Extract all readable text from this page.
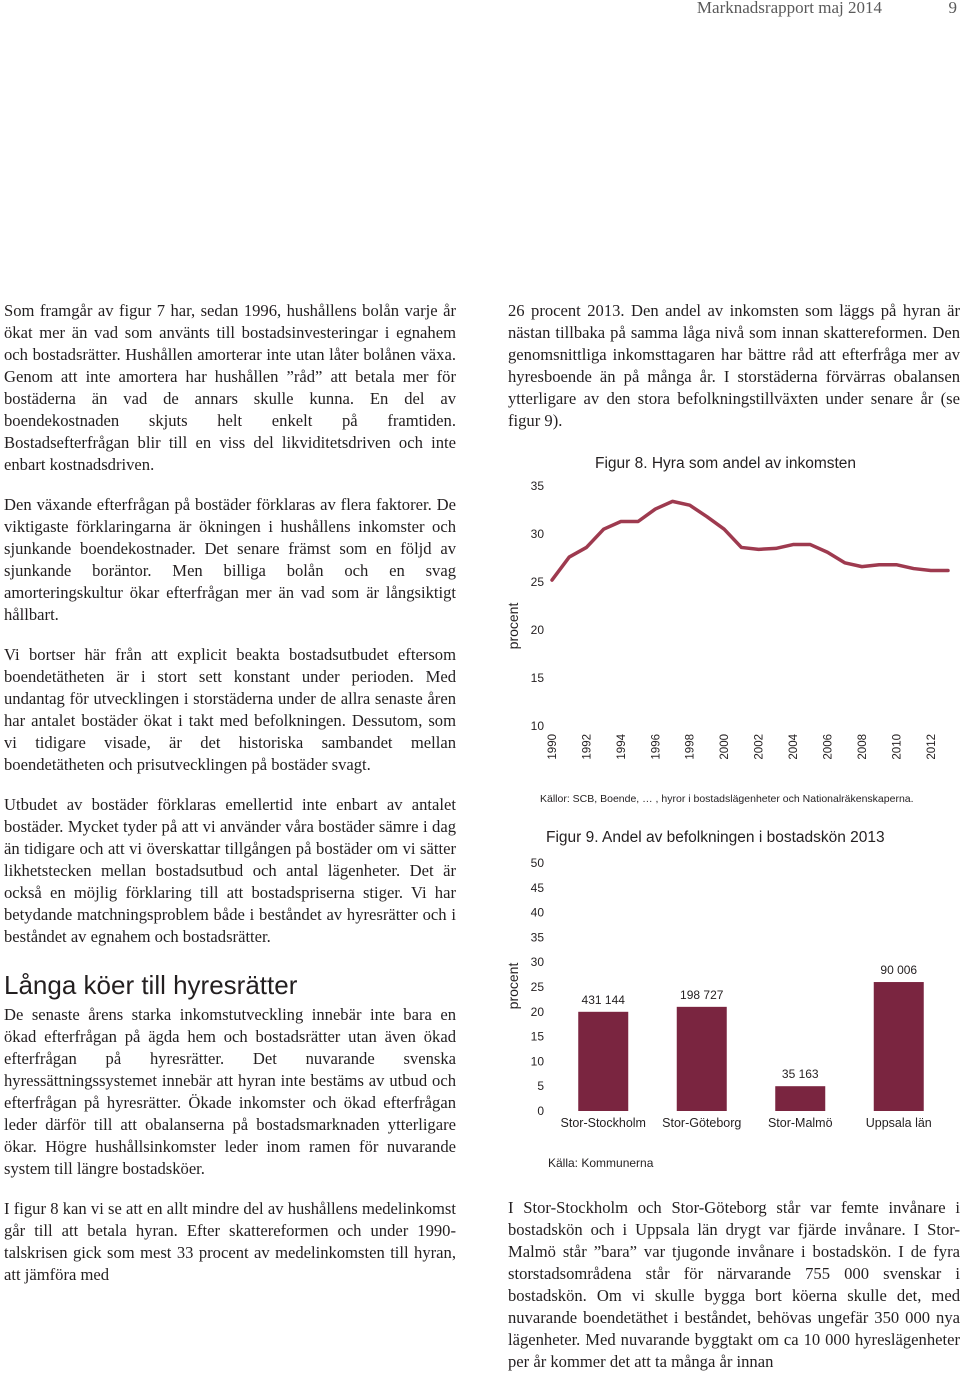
Marknadsrapport maj 2014	9

Som framgår av figur 7 har, sedan 1996, hushållens bolån varje år ökat mer än vad som använts till bostadsinvesteringar i egnahem och bostadsrätter. Hushållen amorterar inte utan låter bolånen växa. Genom att inte amortera har hushållen ”råd” att betala mer för bostäderna än vad de annars skulle kunna. En del av boendekostnaden skjuts helt enkelt på framtiden. Bostadsefterfrågan blir till en viss del likviditetsdriven och inte enbart kostnadsdriven.

Den växande efterfrågan på bostäder förklaras av flera faktorer. De viktigaste förklaringarna är ökningen i hushållens inkomster och sjunkande boendekostnader. Det senare främst som en följd av sjunkande boräntor. Men billiga bolån och en svag amorteringskultur ökar efterfrågan mer än vad som är långsiktigt hållbart.

Vi bortser här från att explicit beakta bostadsutbudet eftersom boendetätheten är i stort sett konstant under perioden. Med undantag för utvecklingen i storstäderna under de allra senaste åren har antalet bostäder ökat i takt med befolkningen. Dessutom, som vi tidigare visade, är det historiska sambandet mellan boendetätheten och prisutvecklingen på bostäder svagt.

Utbudet av bostäder förklaras emellertid inte enbart av antalet bostäder. Mycket tyder på att vi använder våra bostäder sämre i dag än tidigare och att vi överskattar tillgången på bostäder om vi sätter likhetstecken mellan bostadsutbud och antal lägenheter. Det är också en möjlig förklaring till att bostadspriserna stiger. Vi har betydande matchningsproblem både i beståndet av hyresrätter och i beståndet av egnahem och bostadsrätter.

Långa köer till hyresrätter

De senaste årens starka inkomstutveckling innebär inte bara en ökad efterfrågan på ägda hem och bostadsrätter utan även ökad efterfrågan på hyresrätter. Det nuvarande svenska hyressättningssystemet innebär att hyran inte bestäms av utbud och efterfrågan på hyresrätter. Ökade inkomster och ökad efterfrågan leder därför till att obalanserna på bostadsmarknaden ytterligare ökar. Högre hushållsinkomster leder inom ramen för nuvarande system till längre bostadsköer.

I figur 8 kan vi se att en allt mindre del av hushållens medelinkomst går till att betala hyran. Efter skattereformen och under 1990-talskrisen gick som mest 33 procent av medelinkomsten till hyran, att jämföra med

26 procent 2013. Den andel av inkomsten som läggs på hyran är nästan tillbaka på samma låga nivå som innan skattereformen. Den genomsnittliga inkomsttagaren har bättre råd att efterfråga mer av hyresboende än på många år. I storstäderna förvärras obalansen ytterligare av den stora befolkningstillväxten under senare år (se figur 9).

Figur 8. Hyra som andel av inkomsten
procent
10
15
20
25
30
35
1990 1992 1994 1996 1998 2000 2002 2004 2006 2008 2010 2012
Källor: SCB, Boende, … , hyror i bostadslägenheter och Nationalräkenskaperna.
Figur 9. Andel av befolkningen i bostadskön 2013
procent
0
5
10
15
20
25
30
35
40
45
50
431 144
Stor-Stockholm
198 727
Stor-Göteborg
35 163
Stor-Malmö
90 006
Uppsala län
Källa: Kommunerna

I Stor-Stockholm och Stor-Göteborg står var femte invånare i bostadskön och i Uppsala län drygt var fjärde invånare. I Stor-Malmö står ”bara” var tjugonde invånare i bostadskön. I de fyra storstadsområdena står för närvarande 755 000 svenskar i bostadskön. Om vi skulle bygga bort köerna skulle det, med nuvarande boendetäthet i beståndet, behövas ungefär 350 000 nya lägenheter. Med nuvarande byggtakt om ca 10 000 hyreslägenheter per år kommer det att ta många år innan
